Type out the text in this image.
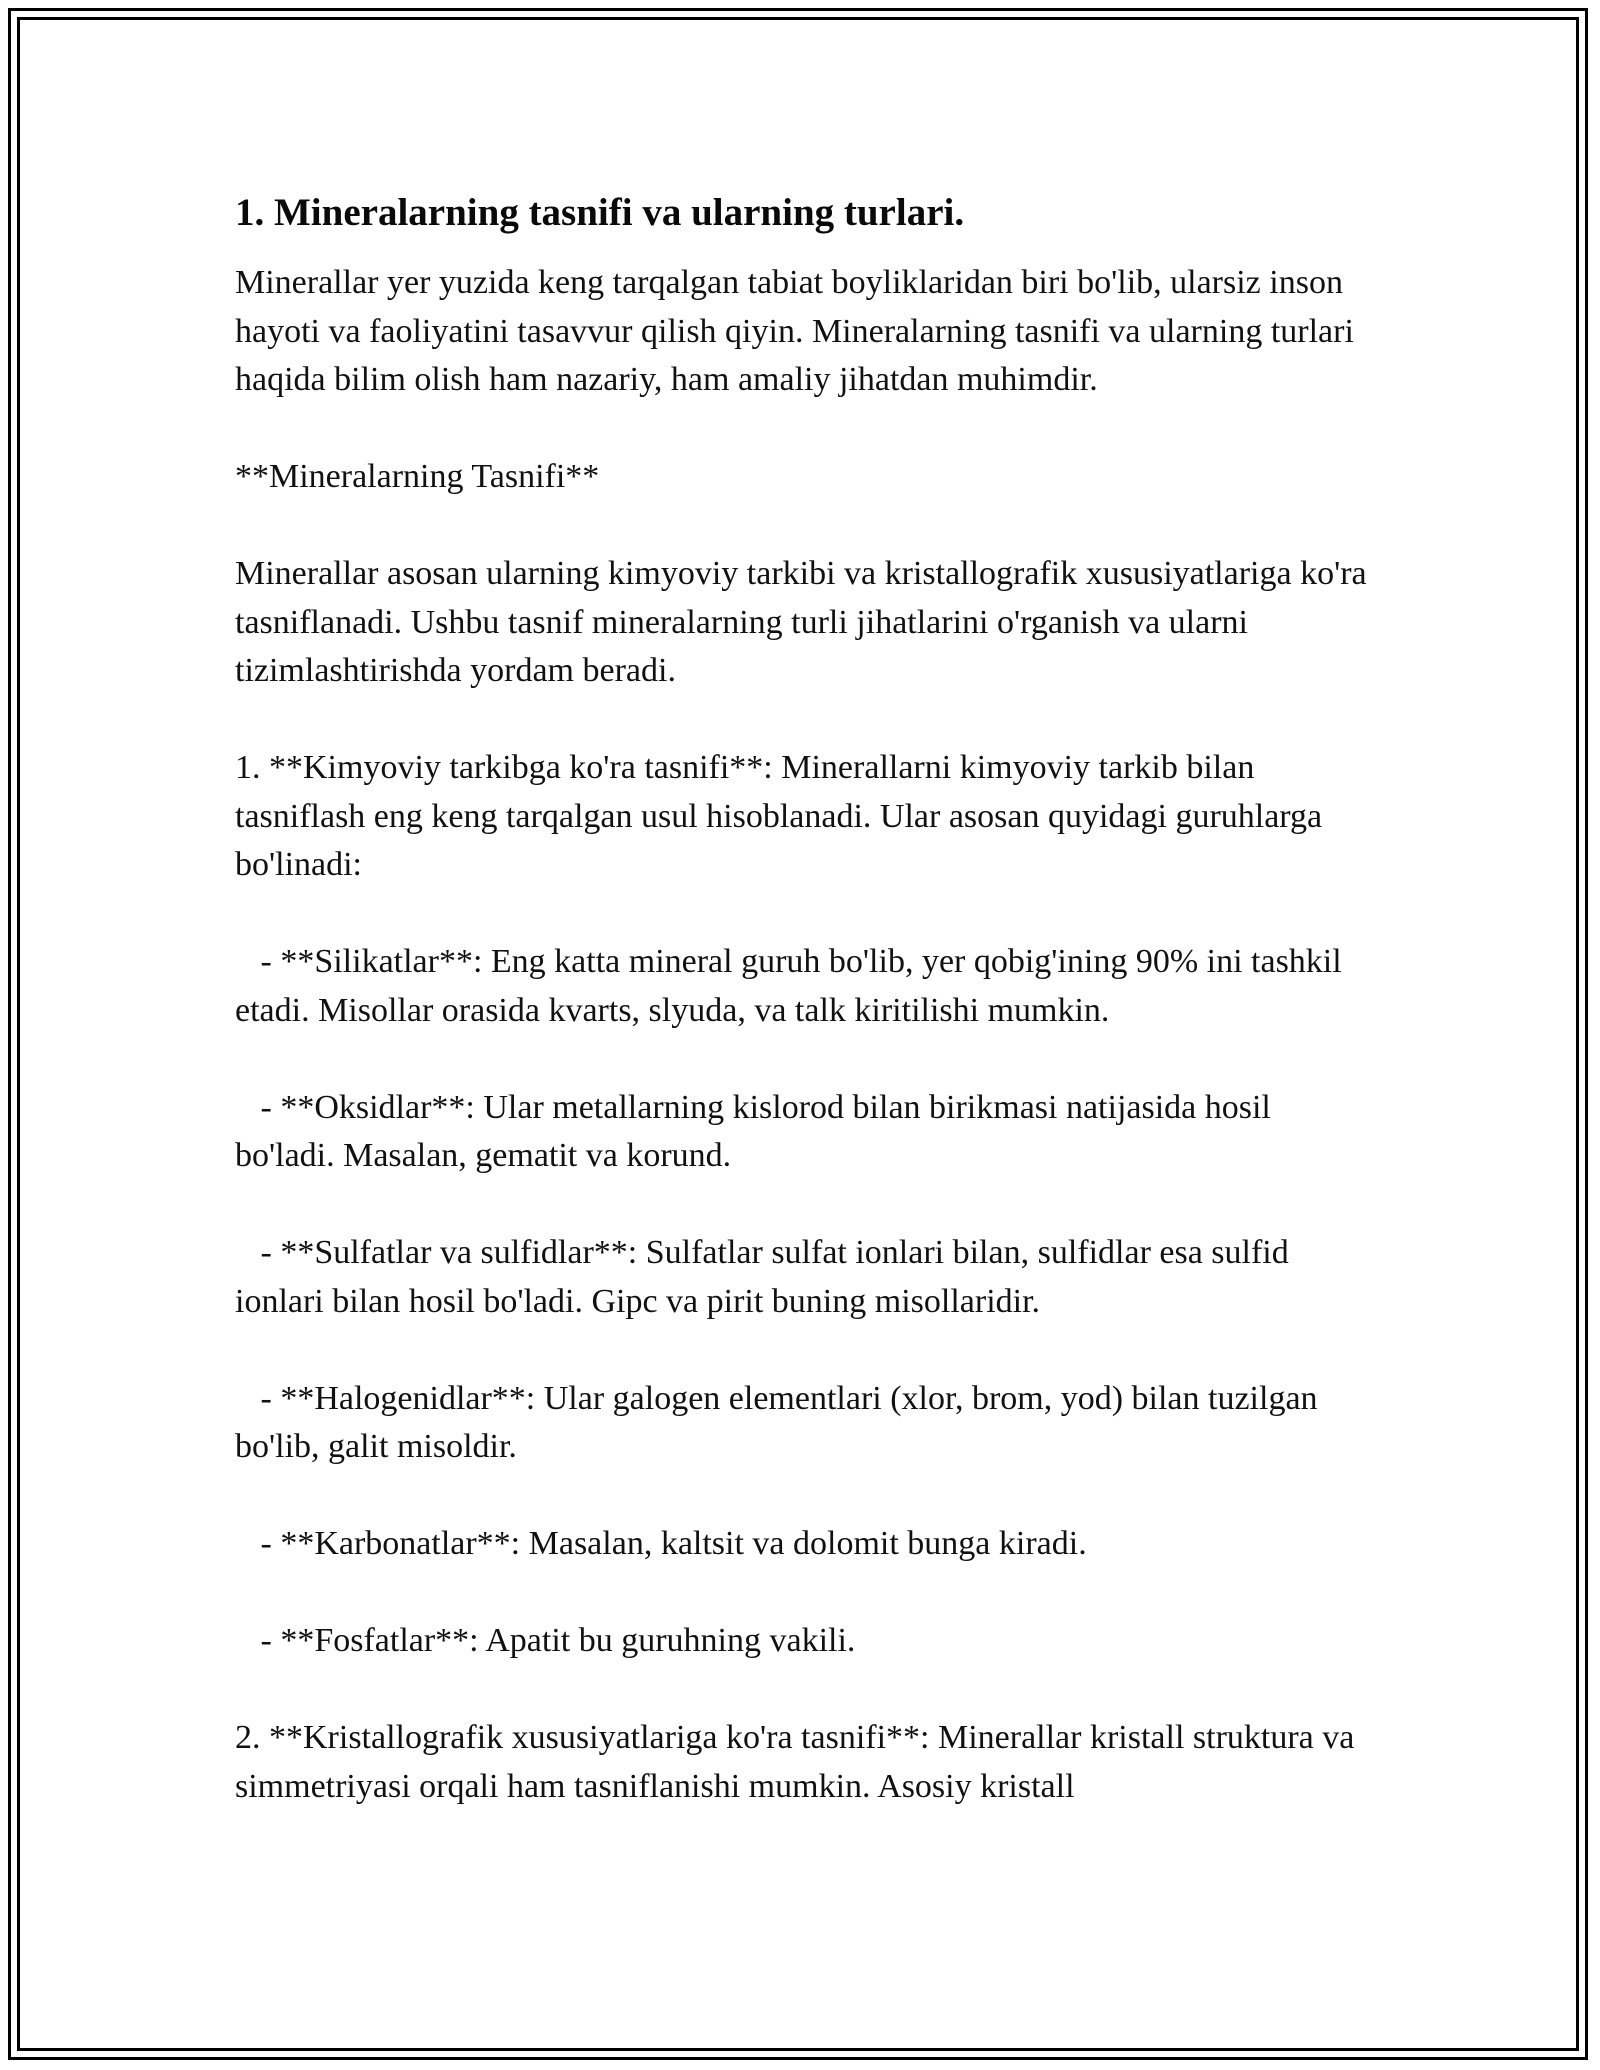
1. Mineralarning tasnifi va ularning turlari.

Minerallar yer yuzida keng tarqalgan tabiat boyliklaridan biri bo'lib, ularsiz inson hayoti va faoliyatini tasavvur qilish qiyin. Mineralarning tasnifi va ularning turlari haqida bilim olish ham nazariy, ham amaliy jihatdan muhimdir.

**Mineralarning Tasnifi**

Minerallar asosan ularning kimyoviy tarkibi va kristallografik xususiyatlariga ko'ra tasniflanadi. Ushbu tasnif mineralarning turli jihatlarini o'rganish va ularni tizimlashtirishda yordam beradi.

1. **Kimyoviy tarkibga ko'ra tasnifi**: Minerallarni kimyoviy tarkib bilan tasniflash eng keng tarqalgan usul hisoblanadi. Ular asosan quyidagi guruhlarga bo'linadi:

- **Silikatlar**: Eng katta mineral guruh bo'lib, yer qobig'ining 90% ini tashkil etadi. Misollar orasida kvarts, slyuda, va talk kiritilishi mumkin.

- **Oksidlar**: Ular metallarning kislorod bilan birikmasi natijasida hosil bo'ladi. Masalan, gematit va korund.

- **Sulfatlar va sulfidlar**: Sulfatlar sulfat ionlari bilan, sulfidlar esa sulfid ionlari bilan hosil bo'ladi. Gipc va pirit buning misollaridir.

- **Halogenidlar**: Ular galogen elementlari (xlor, brom, yod) bilan tuzilgan bo'lib, galit misoldir.

- **Karbonatlar**: Masalan, kaltsit va dolomit bunga kiradi.

- **Fosfatlar**: Apatit bu guruhning vakili.

2. **Kristallografik xususiyatlariga ko'ra tasnifi**: Minerallar kristall struktura va simmetriyasi orqali ham tasniflanishi mumkin. Asosiy kristall
